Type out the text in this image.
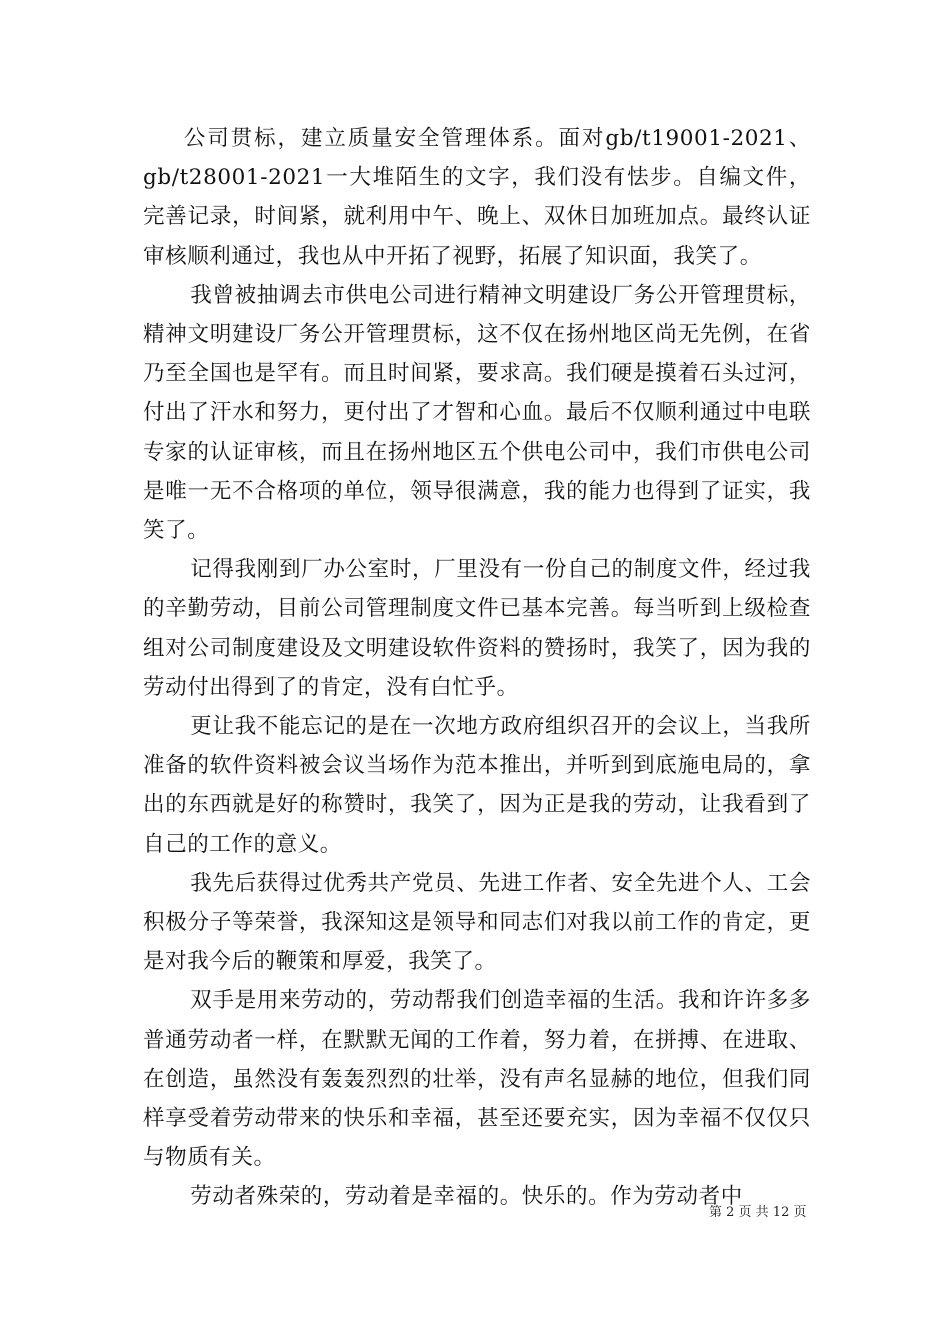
公司贯标，建立质量安全管理体系。面对gb/t19001-2021、gb/t28001-2021一大堆陌生的文字，我们没有怯步。自编文件，完善记录，时间紧，就利用中午、晚上、双休日加班加点。最终认证审核顺利通过，我也从中开拓了视野，拓展了知识面，我笑了。

我曾被抽调去市供电公司进行精神文明建设厂务公开管理贯标，精神文明建设厂务公开管理贯标，这不仅在扬州地区尚无先例，在省乃至全国也是罕有。而且时间紧，要求高。我们硬是摸着石头过河，付出了汗水和努力，更付出了才智和心血。最后不仅顺利通过中电联专家的认证审核，而且在扬州地区五个供电公司中，我们市供电公司是唯一无不合格项的单位，领导很满意，我的能力也得到了证实，我笑了。

记得我刚到厂办公室时，厂里没有一份自己的制度文件，经过我的辛勤劳动，目前公司管理制度文件已基本完善。每当听到上级检查组对公司制度建设及文明建设软件资料的赞扬时，我笑了，因为我的劳动付出得到了的肯定，没有白忙乎。

更让我不能忘记的是在一次地方政府组织召开的会议上，当我所准备的软件资料被会议当场作为范本推出，并听到到底施电局的，拿出的东西就是好的称赞时，我笑了，因为正是我的劳动，让我看到了自己的工作的意义。

我先后获得过优秀共产党员、先进工作者、安全先进个人、工会积极分子等荣誉，我深知这是领导和同志们对我以前工作的肯定，更是对我今后的鞭策和厚爱，我笑了。

双手是用来劳动的，劳动帮我们创造幸福的生活。我和许许多多普通劳动者一样，在默默无闻的工作着，努力着，在拼搏、在进取、在创造，虽然没有轰轰烈烈的壮举，没有声名显赫的地位，但我们同样享受着劳动带来的快乐和幸福，甚至还要充实，因为幸福不仅仅只与物质有关。

劳动者殊荣的，劳动着是幸福的。快乐的。作为劳动者中

第 2 页 共 12 页
